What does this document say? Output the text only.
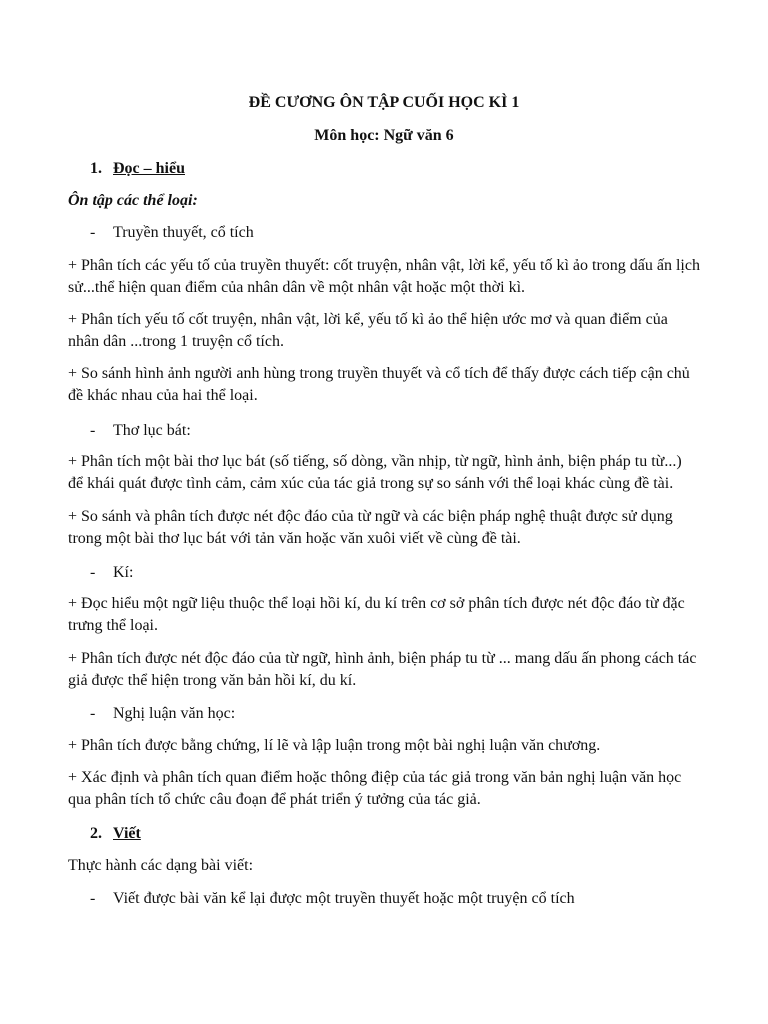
ĐỀ CƯƠNG ÔN TẬP CUỐI HỌC KÌ 1

Môn học: Ngữ văn 6

1. Đọc – hiểu

Ôn tập các thể loại:

- Truyền thuyết, cổ tích

+ Phân tích các yếu tố của truyền thuyết: cốt truyện, nhân vật, lời kể, yếu tố kì ảo trong dấu ấn lịch sử...thể hiện quan điểm của nhân dân về một nhân vật hoặc một thời kì.

+ Phân tích yếu tố cốt truyện, nhân vật, lời kể, yếu tố kì ảo thể hiện ước mơ và quan điểm của nhân dân ...trong 1 truyện cổ tích.

+ So sánh hình ảnh người anh hùng trong truyền thuyết và cổ tích để thấy được cách tiếp cận chủ đề khác nhau của hai thể loại.

- Thơ lục bát:

+ Phân tích một bài thơ lục bát (số tiếng, số dòng, vần nhịp, từ ngữ, hình ảnh, biện pháp tu từ...) để khái quát được tình cảm, cảm xúc của tác giả trong sự so sánh với thể loại khác cùng đề tài.

+ So sánh và phân tích được nét độc đáo của từ ngữ và các biện pháp nghệ thuật được sử dụng trong một bài thơ lục bát với tản văn hoặc văn xuôi viết về cùng đề tài.

- Kí:

+ Đọc hiểu một ngữ liệu thuộc thể loại hồi kí, du kí trên cơ sở phân tích được nét độc đáo từ đặc trưng thể loại.

+ Phân tích được nét độc đáo của từ ngữ, hình ảnh, biện pháp tu từ ... mang dấu ấn phong cách tác giả được thể hiện trong văn bản hồi kí, du kí.

- Nghị luận văn học:

+ Phân tích được bằng chứng, lí lẽ và lập luận trong một bài nghị luận văn chương.

+ Xác định và phân tích quan điểm hoặc thông điệp của tác giả trong văn bản nghị luận văn học qua phân tích tổ chức câu đoạn để phát triển ý tưởng của tác giả.

2. Viết

Thực hành các dạng bài viết:

- Viết được bài văn kể lại được một truyền thuyết hoặc một truyện cổ tích
